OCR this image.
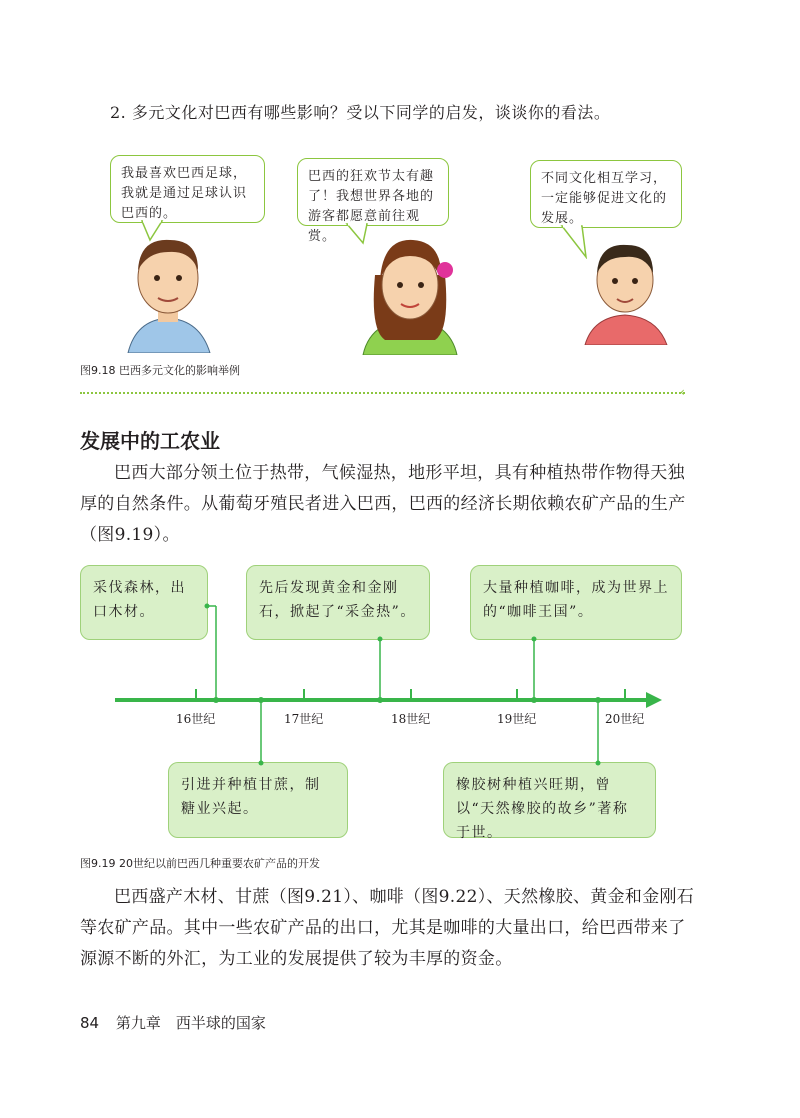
2. 多元文化对巴西有哪些影响？受以下同学的启发，谈谈你的看法。
我最喜欢巴西足球，我就是通过足球认识巴西的。
巴西的狂欢节太有趣了！我想世界各地的游客都愿意前往观赏。
不同文化相互学习，一定能够促进文化的发展。
图9.18 巴西多元文化的影响举例
‹
发展中的工农业
巴西大部分领土位于热带，气候湿热，地形平坦，具有种植热带作物得天独厚的自然条件。从葡萄牙殖民者进入巴西，巴西的经济长期依赖农矿产品的生产（图9.19）。
采伐森林，出口木材。
先后发现黄金和金刚石，掀起了“采金热”。
大量种植咖啡，成为世界上的“咖啡王国”。
引进并种植甘蔗，制糖业兴起。
橡胶树种植兴旺期，曾以“天然橡胶的故乡”著称于世。
16世纪	17世纪	18世纪	19世纪	20世纪
图9.19 20世纪以前巴西几种重要农矿产品的开发
巴西盛产木材、甘蔗（图9.21）、咖啡（图9.22）、天然橡胶、黄金和金刚石等农矿产品。其中一些农矿产品的出口，尤其是咖啡的大量出口，给巴西带来了源源不断的外汇，为工业的发展提供了较为丰厚的资金。
84 第九章　西半球的国家
